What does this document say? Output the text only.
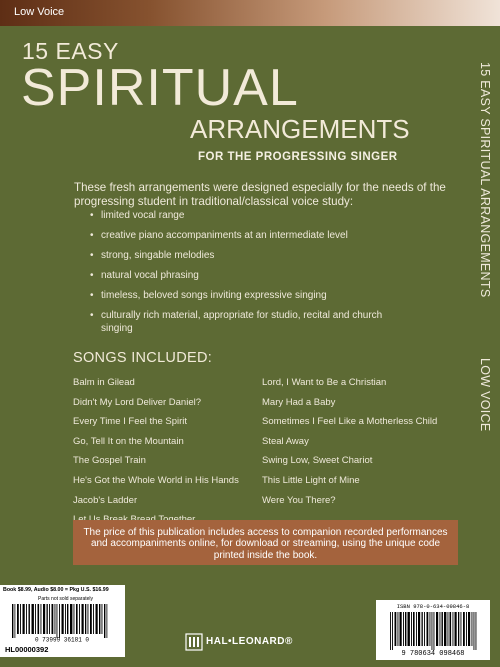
Low Voice
15 EASY
SPIRITUAL
ARRANGEMENTS
FOR THE PROGRESSING SINGER

These fresh arrangements were designed especially for the needs of the progressing student in traditional/classical voice study:

• limited vocal range
• creative piano accompaniments at an intermediate level
• strong, singable melodies
• natural vocal phrasing
• timeless, beloved songs inviting expressive singing
• culturally rich material, appropriate for studio, recital and church singing
SONGS INCLUDED:
Balm in Gilead
Didn't My Lord Deliver Daniel?
Every Time I Feel the Spirit
Go, Tell It on the Mountain
The Gospel Train
He's Got the Whole World in His Hands
Jacob's Ladder
Lord, I Want to Be a Christian
Mary Had a Baby
Sometimes I Feel Like a Motherless Child
Steal Away
Swing Low, Sweet Chariot
This Little Light of Mine
Were You There?
15 EASY SPIRITUAL ARRANGEMENTS
LOW VOICE

The price of this publication includes access to companion recorded performances and accompaniments online, for download or streaming, using the unique code printed inside the book.

Book $8.99, Audio $8.00 = Pkg U.S. $16.99
Parts not sold separately
0 73999 36181 0
HL00000392
HAL•LEONARD®
ISBN 978-0-634-09846-8
9 780634 098468
